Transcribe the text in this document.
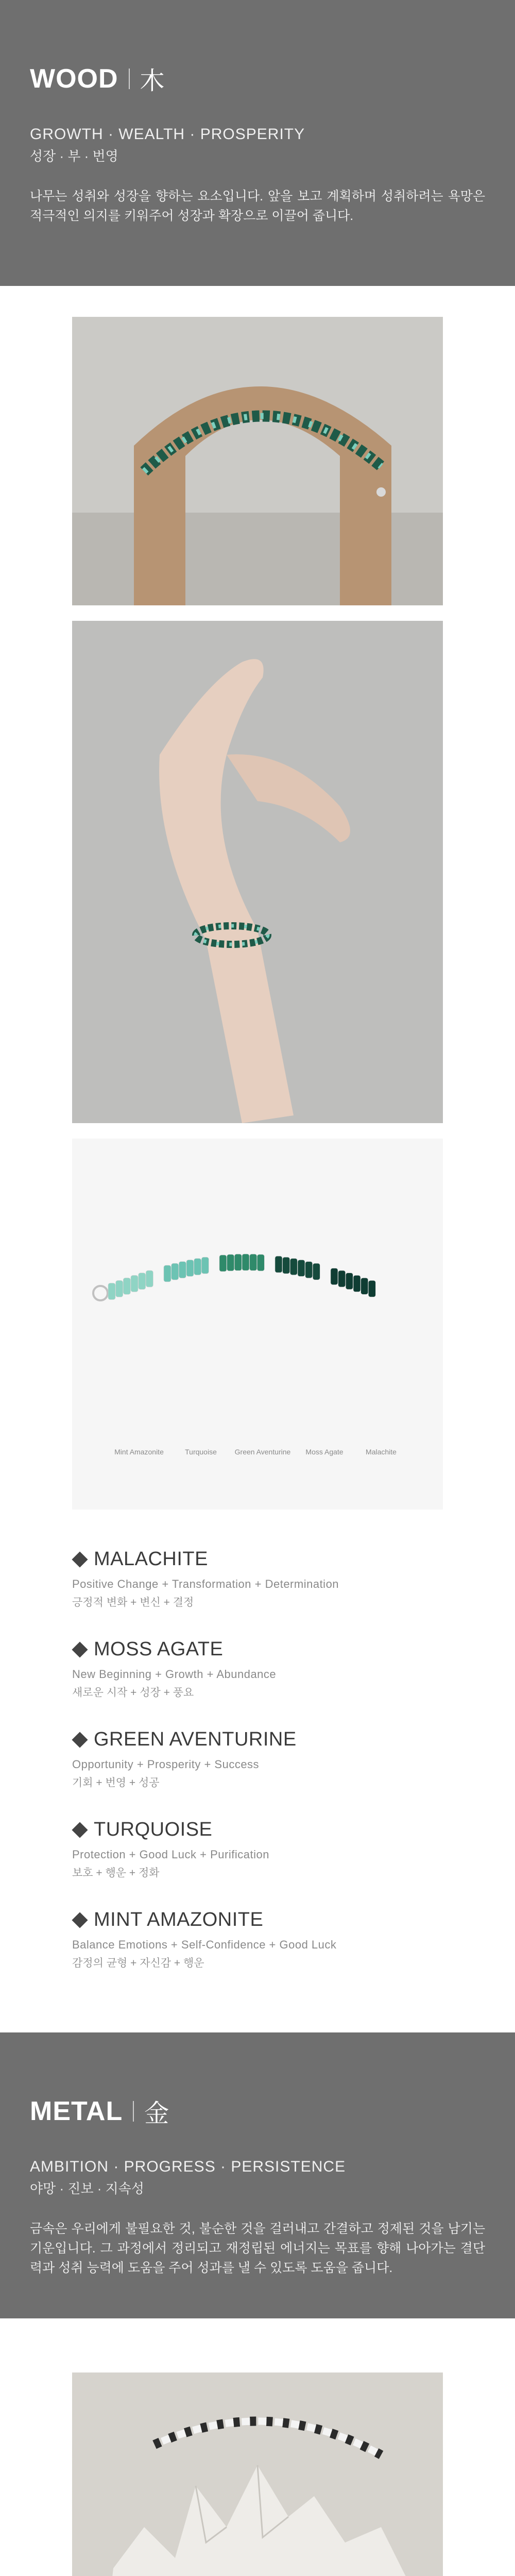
WOOD 木
GROWTH · WEALTH · PROSPERITY
성장 · 부 · 번영
나무는 성취와 성장을 향하는 요소입니다. 앞을 보고 계획하며 성취하려는 욕망은 적극적인 의지를 키워주어 성장과 확장으로 이끌어 줍니다.
Mint Amazonite	Turquoise Green Aventurine Moss Agate	Malachite
MALACHITE
Positive Change + Transformation + Determination
긍정적 변화 + 변신 + 결정
MOSS AGATE
New Beginning + Growth + Abundance
새로운 시작 + 성장 + 풍요
GREEN AVENTURINE
Opportunity + Prosperity + Success
기회 + 번영 + 성공
TURQUOISE
Protection + Good Luck + Purification
보호 + 행운 + 정화
MINT AMAZONITE
Balance Emotions + Self-Confidence + Good Luck
감정의 균형 + 자신감 + 행운
METAL 金
AMBITION · PROGRESS · PERSISTENCE
야망 · 진보 · 지속성
금속은 우리에게 불필요한 것, 불순한 것을 걸러내고 간결하고 정제된 것을 남기는 기운입니다. 그 과정에서 정리되고 재정립된 에너지는 목표를 향해 나아가는 결단력과 성취 능력에 도움을 주어 성과를 낼 수 있도록 도움을 줍니다.
